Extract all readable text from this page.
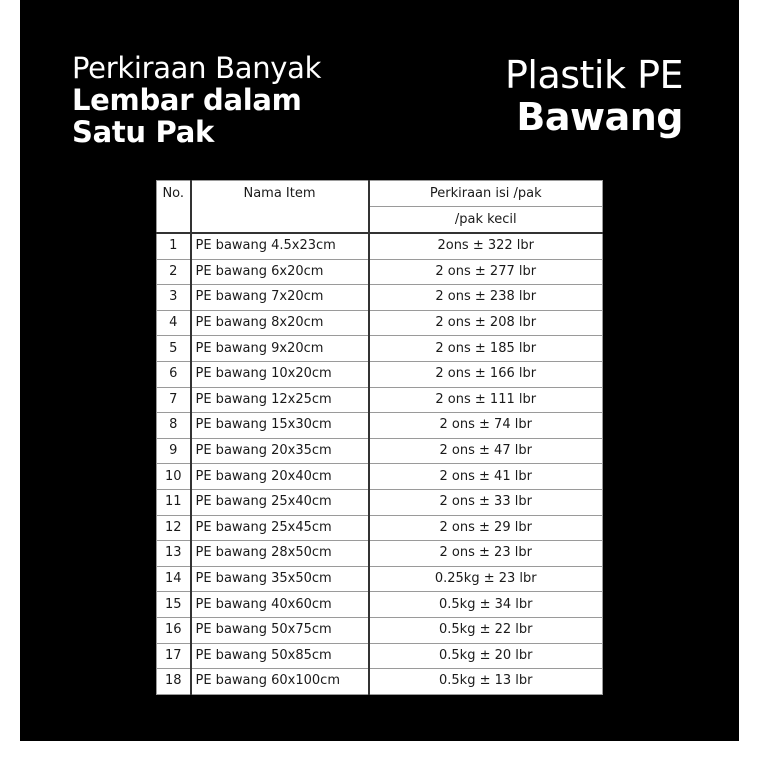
Perkiraan Banyak
Lembar dalam
Satu Pak
Plastik PE
Bawang
No.	Nama Item	Perkiraan isi /pak
		/pak kecil
1	PE bawang 4.5x23cm	2ons ± 322 lbr
2	PE bawang 6x20cm	2 ons ± 277 lbr
3	PE bawang 7x20cm	2 ons ± 238 lbr
4	PE bawang 8x20cm	2 ons ± 208 lbr
5	PE bawang 9x20cm	2 ons ± 185 lbr
6	PE bawang 10x20cm	2 ons ± 166 lbr
7	PE bawang 12x25cm	2 ons ± 111 lbr
8	PE bawang 15x30cm	2 ons ± 74 lbr
9	PE bawang 20x35cm	2 ons ± 47 lbr
10	PE bawang 20x40cm	2 ons ± 41 lbr
11	PE bawang 25x40cm	2 ons ± 33 lbr
12	PE bawang 25x45cm	2 ons ± 29 lbr
13	PE bawang 28x50cm	2 ons ± 23 lbr
14	PE bawang 35x50cm	0.25kg ± 23 lbr
15	PE bawang 40x60cm	0.5kg ± 34 lbr
16	PE bawang 50x75cm	0.5kg ± 22 lbr
17	PE bawang 50x85cm	0.5kg ± 20 lbr
18	PE bawang 60x100cm	0.5kg ± 13 lbr
